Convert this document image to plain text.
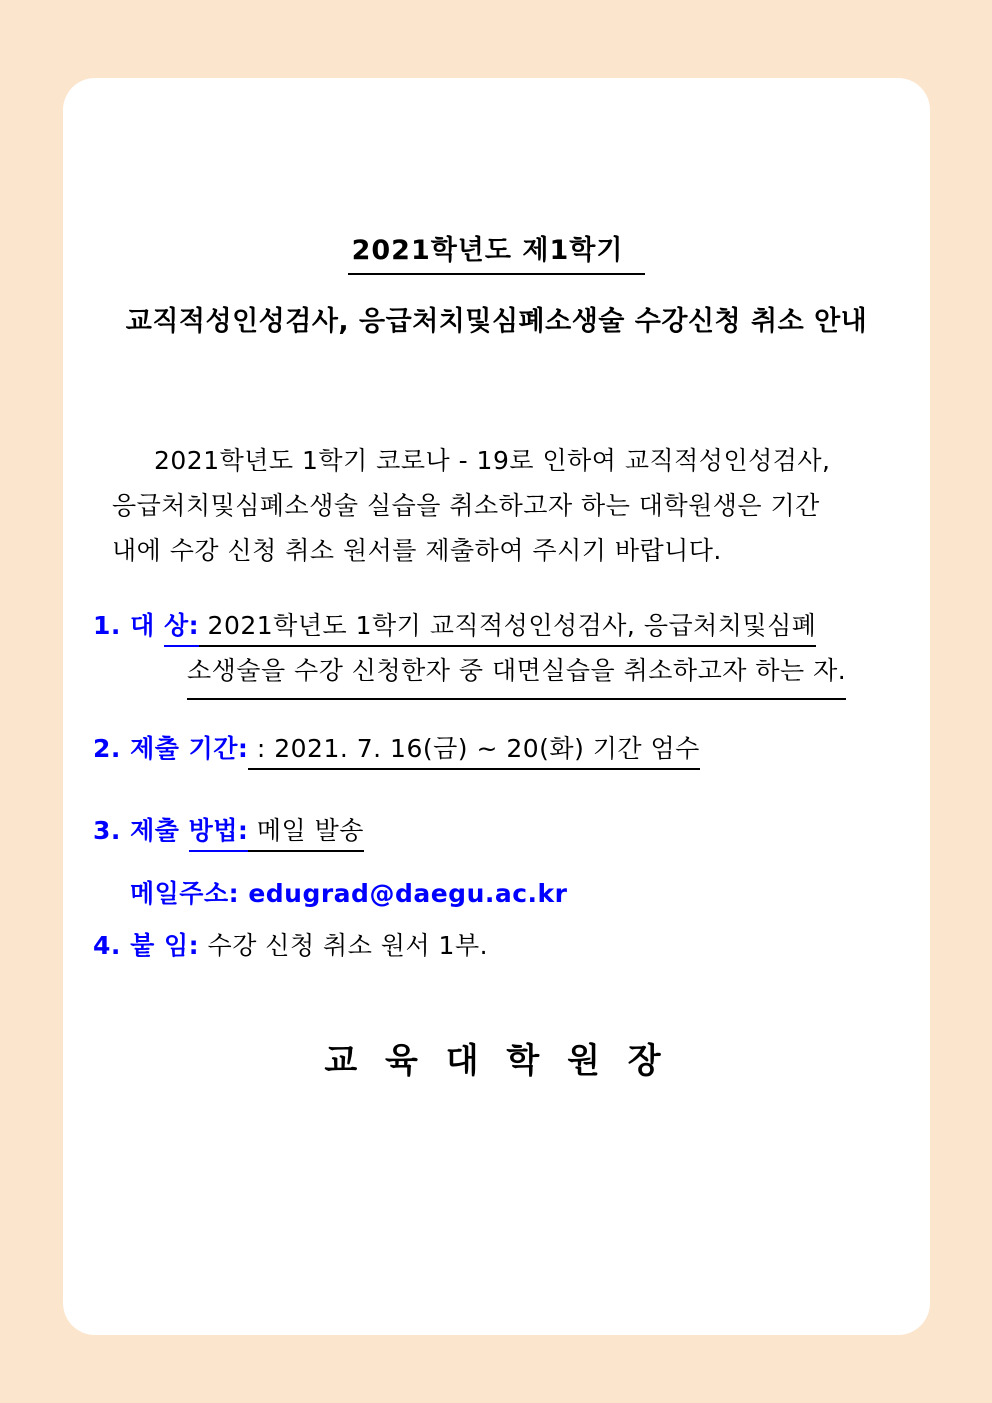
2021학년도 제1학기
교직적성인성검사, 응급처치및심폐소생술 수강신청 취소 안내
2021학년도 1학기 코로나 - 19로 인하여 교직적성인성검사,
응급처치및심폐소생술 실습을 취소하고자 하는 대학원생은 기간
내에 수강 신청 취소 원서를 제출하여 주시기 바랍니다.
1. 대 상: 2021학년도 1학기 교직적성인성검사, 응급처치및심폐
소생술을 수강 신청한자 중 대면실습을 취소하고자 하는 자.
2. 제출 기간: : 2021. 7. 16(금) ~ 20(화) 기간 엄수
3. 제출 방법: 메일 발송
메일주소: edugrad@daegu.ac.kr
4. 붙 임: 수강 신청 취소 원서 1부.
교 육 대 학 원 장
